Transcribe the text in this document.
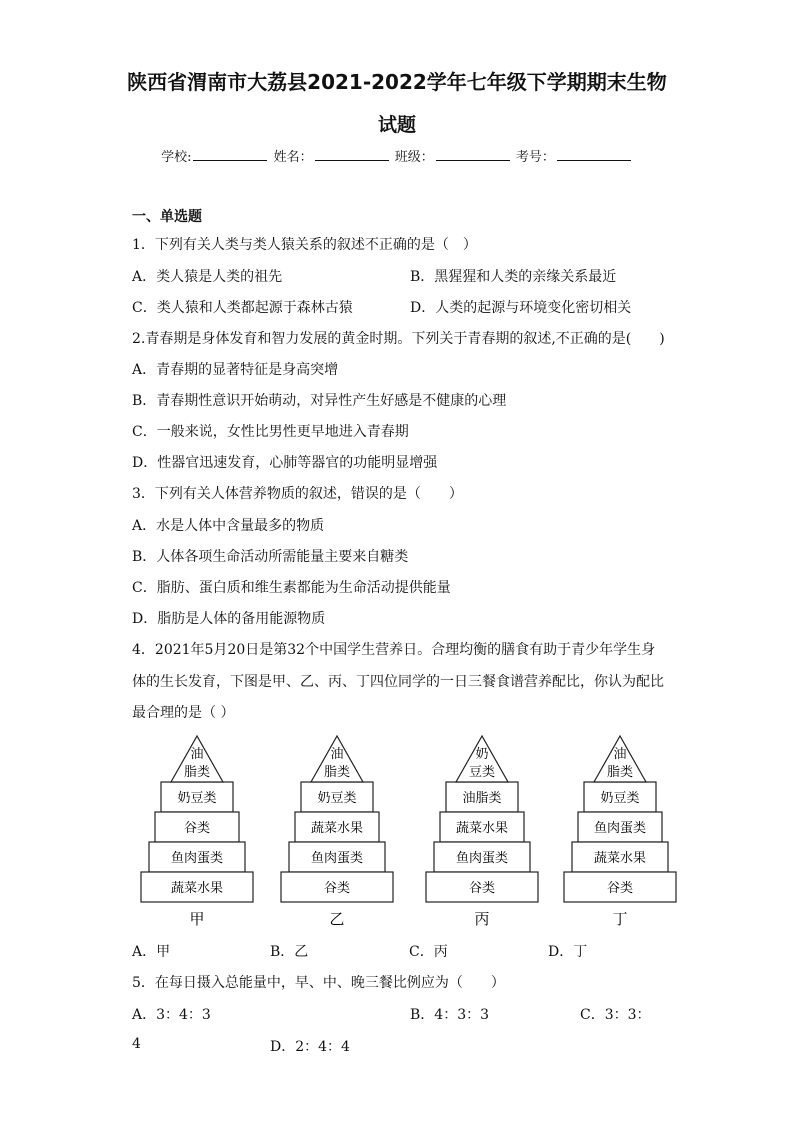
陕西省渭南市大荔县2021-2022学年七年级下学期期末生物
试题
学校:	姓名：	班级：	考号：
一、单选题
1．下列有关人类与类人猿关系的叙述不正确的是（　）
A．类人猿是人类的祖先	B．黑猩猩和人类的亲缘关系最近
C．类人猿和人类都起源于森林古猿	D．人类的起源与环境变化密切相关
2.青春期是身体发育和智力发展的黄金时期。下列关于青春期的叙述,不正确的是(　　)
A．青春期的显著特征是身高突增
B．青春期性意识开始萌动，对异性产生好感是不健康的心理
C．一般来说，女性比男性更早地进入青春期
D．性器官迅速发育，心肺等器官的功能明显增强
3．下列有关人体营养物质的叙述，错误的是（　　）
A．水是人体中含量最多的物质
B．人体各项生命活动所需能量主要来自糖类
C．脂肪、蛋白质和维生素都能为生命活动提供能量
D．脂肪是人体的备用能源物质
4．2021年5月20日是第32个中国学生营养日。合理均衡的膳食有助于青少年学生身
体的生长发育，下图是甲、乙、丙、丁四位同学的一日三餐食谱营养配比，你认为配比
最合理的是（ ）
奶豆类
谷类
鱼肉蛋类
蔬菜水果
油
脂类
甲
奶豆类
蔬菜水果
鱼肉蛋类
谷类
油
脂类
乙
油脂类
蔬菜水果
鱼肉蛋类
谷类
奶
豆类
丙
奶豆类
鱼肉蛋类
蔬菜水果
谷类
油
脂类
丁
A．甲	B．乙	C．丙	D．丁
5．在每日摄入总能量中，早、中、晚三餐比例应为（　　）
A．3：4：3	B．4：3：3	C．3：3：
4	D．2：4：4
